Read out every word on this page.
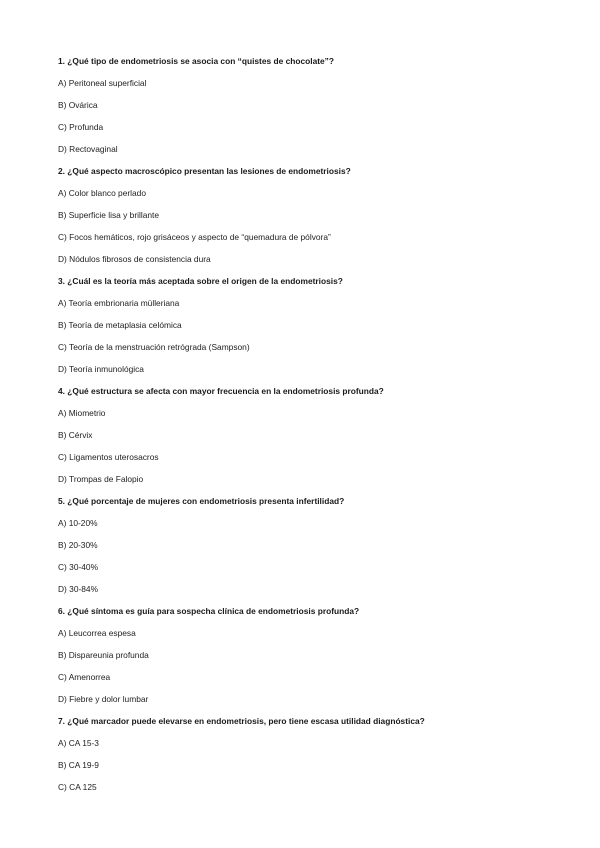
1. ¿Qué tipo de endometriosis se asocia con “quistes de chocolate”?

A) Peritoneal superficial

B) Ovárica

C) Profunda

D) Rectovaginal

2. ¿Qué aspecto macroscópico presentan las lesiones de endometriosis?

A) Color blanco perlado

B) Superficie lisa y brillante

C) Focos hemáticos, rojo grisáceos y aspecto de “quemadura de pólvora”

D) Nódulos fibrosos de consistencia dura

3. ¿Cuál es la teoría más aceptada sobre el origen de la endometriosis?

A) Teoría embrionaria mülleriana

B) Teoría de metaplasia celómica

C) Teoría de la menstruación retrógrada (Sampson)

D) Teoría inmunológica

4. ¿Qué estructura se afecta con mayor frecuencia en la endometriosis profunda?

A) Miometrio

B) Cérvix

C) Ligamentos uterosacros

D) Trompas de Falopio

5. ¿Qué porcentaje de mujeres con endometriosis presenta infertilidad?

A) 10-20%

B) 20-30%

C) 30-40%

D) 30-84%

6. ¿Qué síntoma es guía para sospecha clínica de endometriosis profunda?

A) Leucorrea espesa

B) Dispareunia profunda

C) Amenorrea

D) Fiebre y dolor lumbar

7. ¿Qué marcador puede elevarse en endometriosis, pero tiene escasa utilidad diagnóstica?

A) CA 15-3

B) CA 19-9

C) CA 125
